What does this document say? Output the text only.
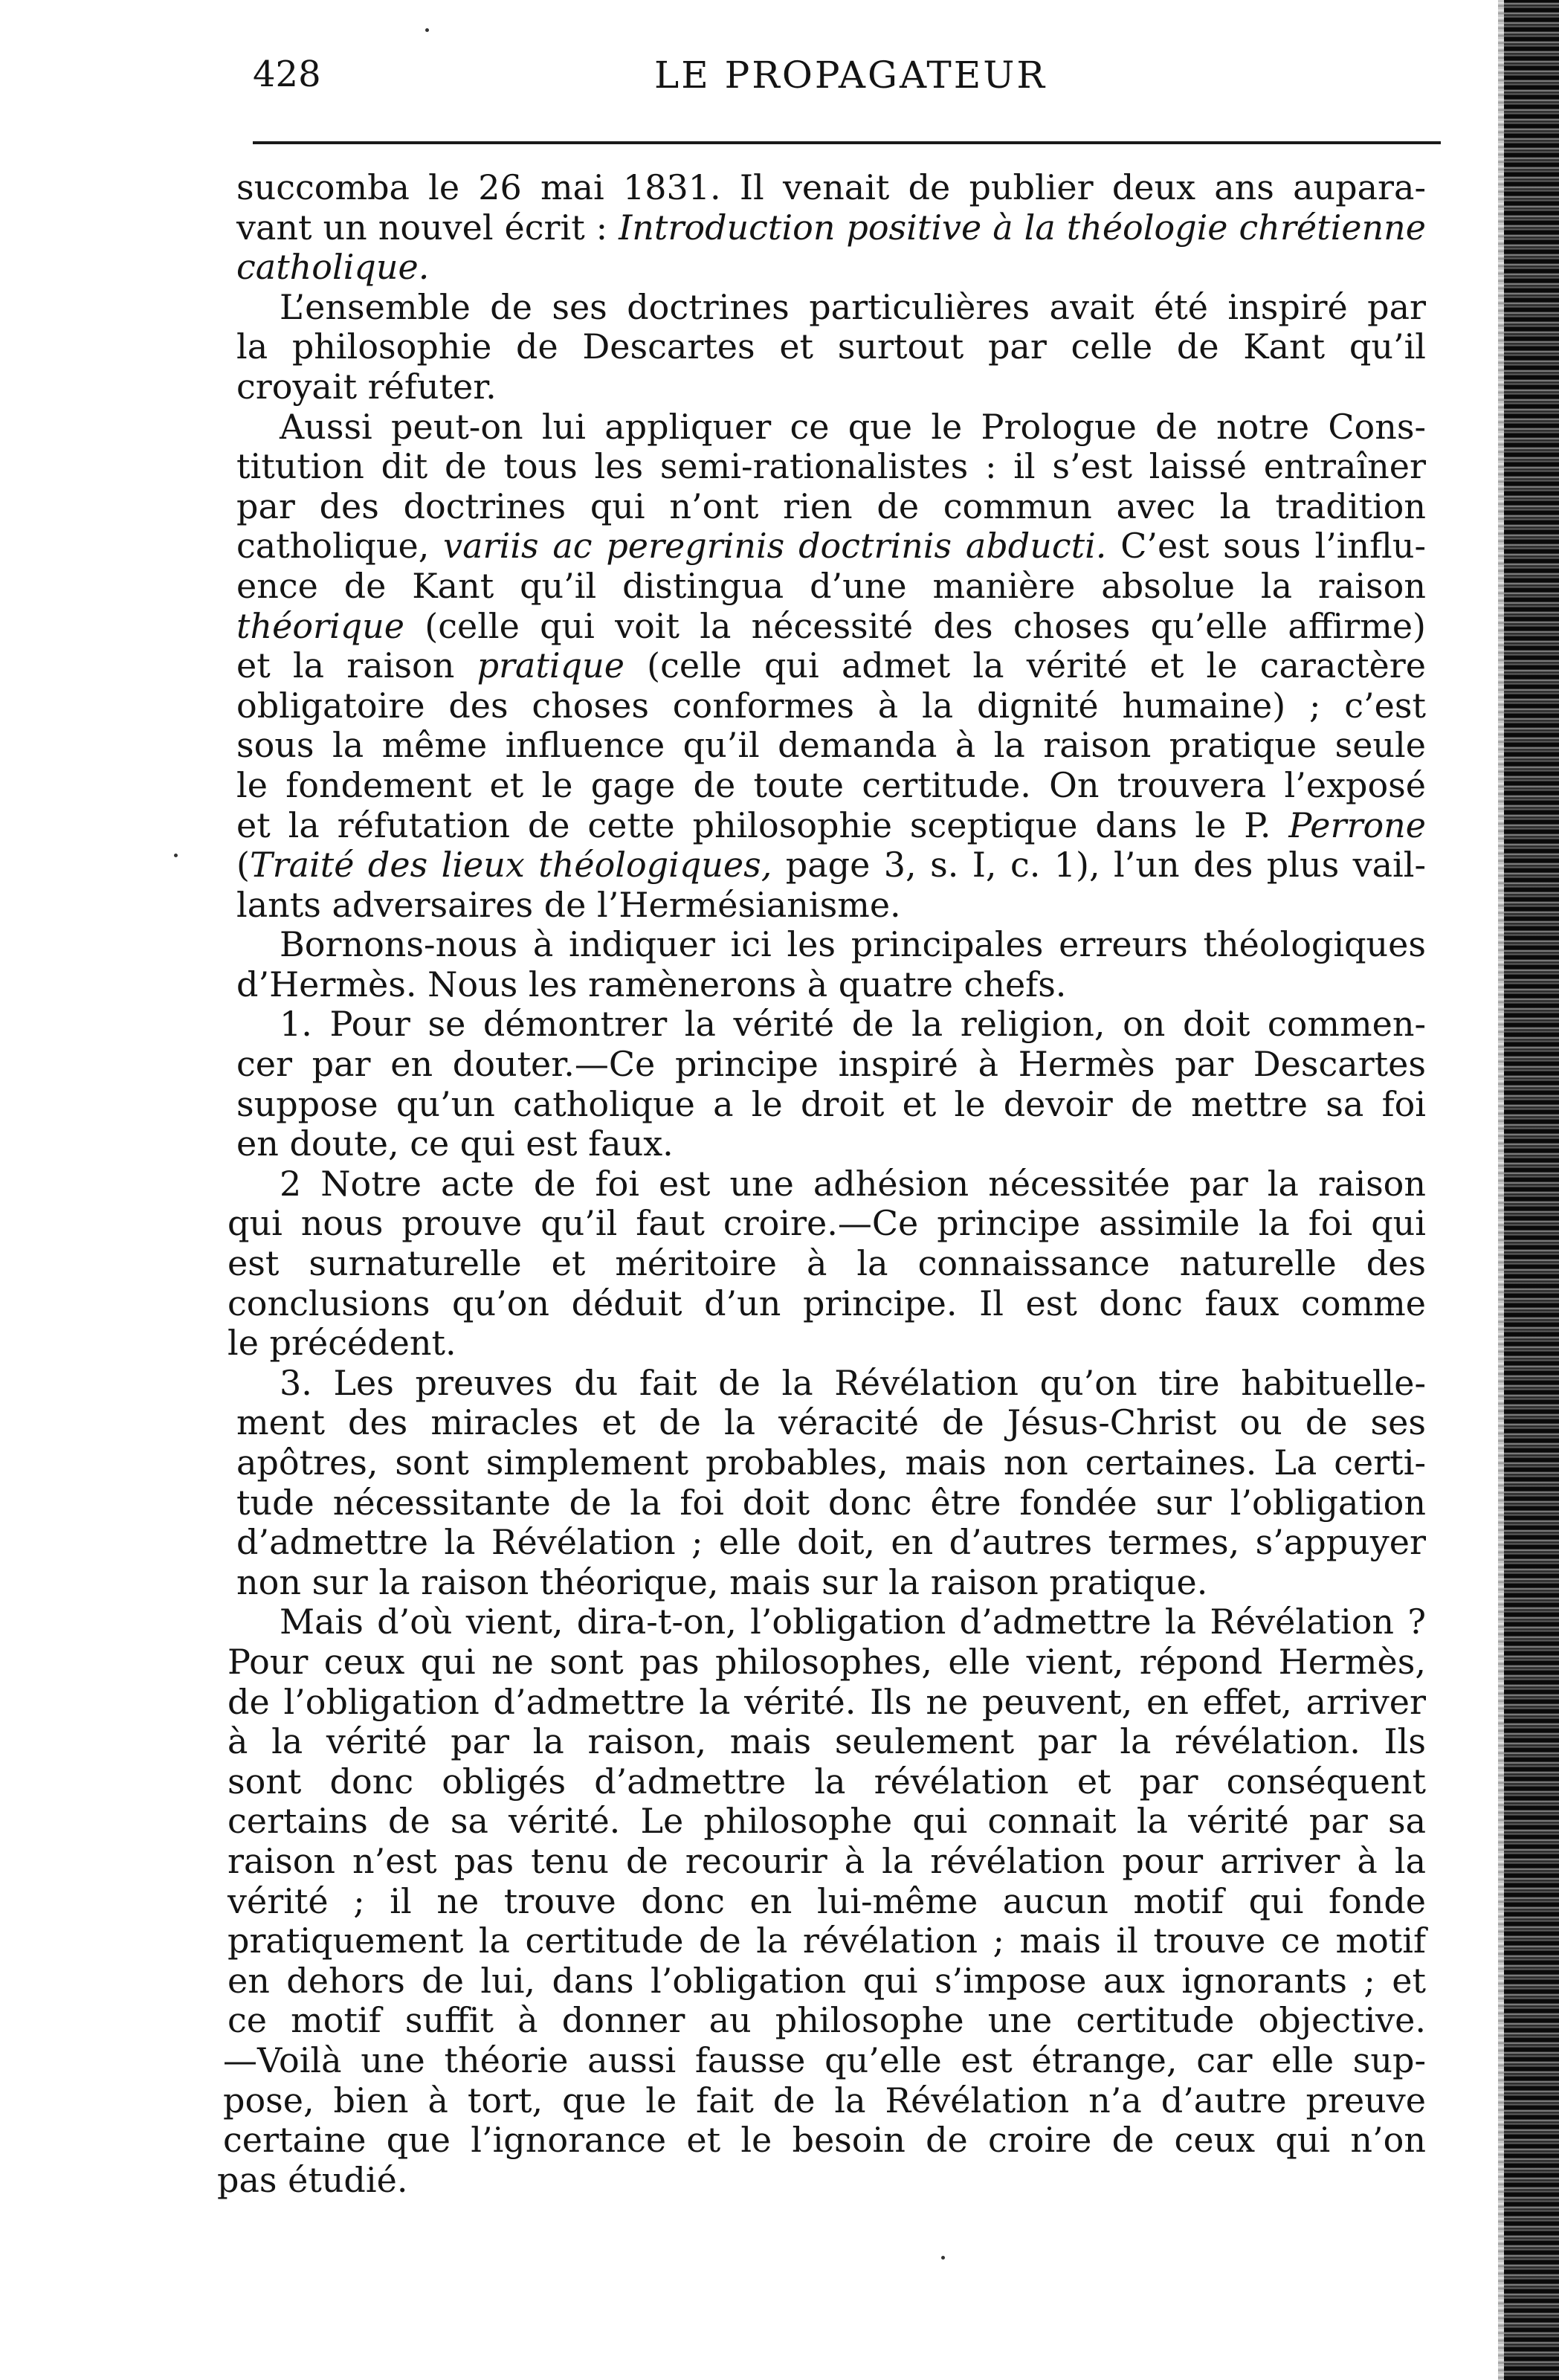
428	LE PROPAGATEUR
succomba le 26 mai 1831. Il venait de publier deux ans aupara-
vant un nouvel écrit : Introduction positive à la théologie chrétienne
catholique.
L’ensemble de ses doctrines particulières avait été inspiré par
la philosophie de Descartes et surtout par celle de Kant qu’il
croyait réfuter.
Aussi peut-on lui appliquer ce que le Prologue de notre Cons-
titution dit de tous les semi-rationalistes : il s’est laissé entraîner
par des doctrines qui n’ont rien de commun avec la tradition
catholique, variis ac peregrinis doctrinis abducti. C’est sous l’influ-
ence de Kant qu’il distingua d’une manière absolue la raison
théorique (celle qui voit la nécessité des choses qu’elle affirme)
et la raison pratique (celle qui admet la vérité et le caractère
obligatoire des choses conformes à la dignité humaine) ; c’est
sous la même influence qu’il demanda à la raison pratique seule
le fondement et le gage de toute certitude. On trouvera l’exposé
et la réfutation de cette philosophie sceptique dans le P. Perrone
(Traité des lieux théologiques, page 3, s. I, c. 1), l’un des plus vail-
lants adversaires de l’Hermésianisme.
Bornons-nous à indiquer ici les principales erreurs théologiques
d’Hermès. Nous les ramènerons à quatre chefs.
1. Pour se démontrer la vérité de la religion, on doit commen-
cer par en douter.—Ce principe inspiré à Hermès par Descartes
suppose qu’un catholique a le droit et le devoir de mettre sa foi
en doute, ce qui est faux.
2 Notre acte de foi est une adhésion nécessitée par la raison
qui nous prouve qu’il faut croire.—Ce principe assimile la foi qui
est surnaturelle et méritoire à la connaissance naturelle des
conclusions qu’on déduit d’un principe. Il est donc faux comme
le précédent.
3. Les preuves du fait de la Révélation qu’on tire habituelle-
ment des miracles et de la véracité de Jésus-Christ ou de ses
apôtres, sont simplement probables, mais non certaines. La certi-
tude nécessitante de la foi doit donc être fondée sur l’obligation
d’admettre la Révélation ; elle doit, en d’autres termes, s’appuyer
non sur la raison théorique, mais sur la raison pratique.
Mais d’où vient, dira-t-on, l’obligation d’admettre la Révélation ?
Pour ceux qui ne sont pas philosophes, elle vient, répond Hermès,
de l’obligation d’admettre la vérité. Ils ne peuvent, en effet, arriver
à la vérité par la raison, mais seulement par la révélation. Ils
sont donc obligés d’admettre la révélation et par conséquent
certains de sa vérité. Le philosophe qui connait la vérité par sa
raison n’est pas tenu de recourir à la révélation pour arriver à la
vérité ; il ne trouve donc en lui-même aucun motif qui fonde
pratiquement la certitude de la révélation ; mais il trouve ce motif
en dehors de lui, dans l’obligation qui s’impose aux ignorants ; et
ce motif suffit à donner au philosophe une certitude objective.
—Voilà une théorie aussi fausse qu’elle est étrange, car elle sup-
pose, bien à tort, que le fait de la Révélation n’a d’autre preuve
certaine que l’ignorance et le besoin de croire de ceux qui n’on
pas étudié.
